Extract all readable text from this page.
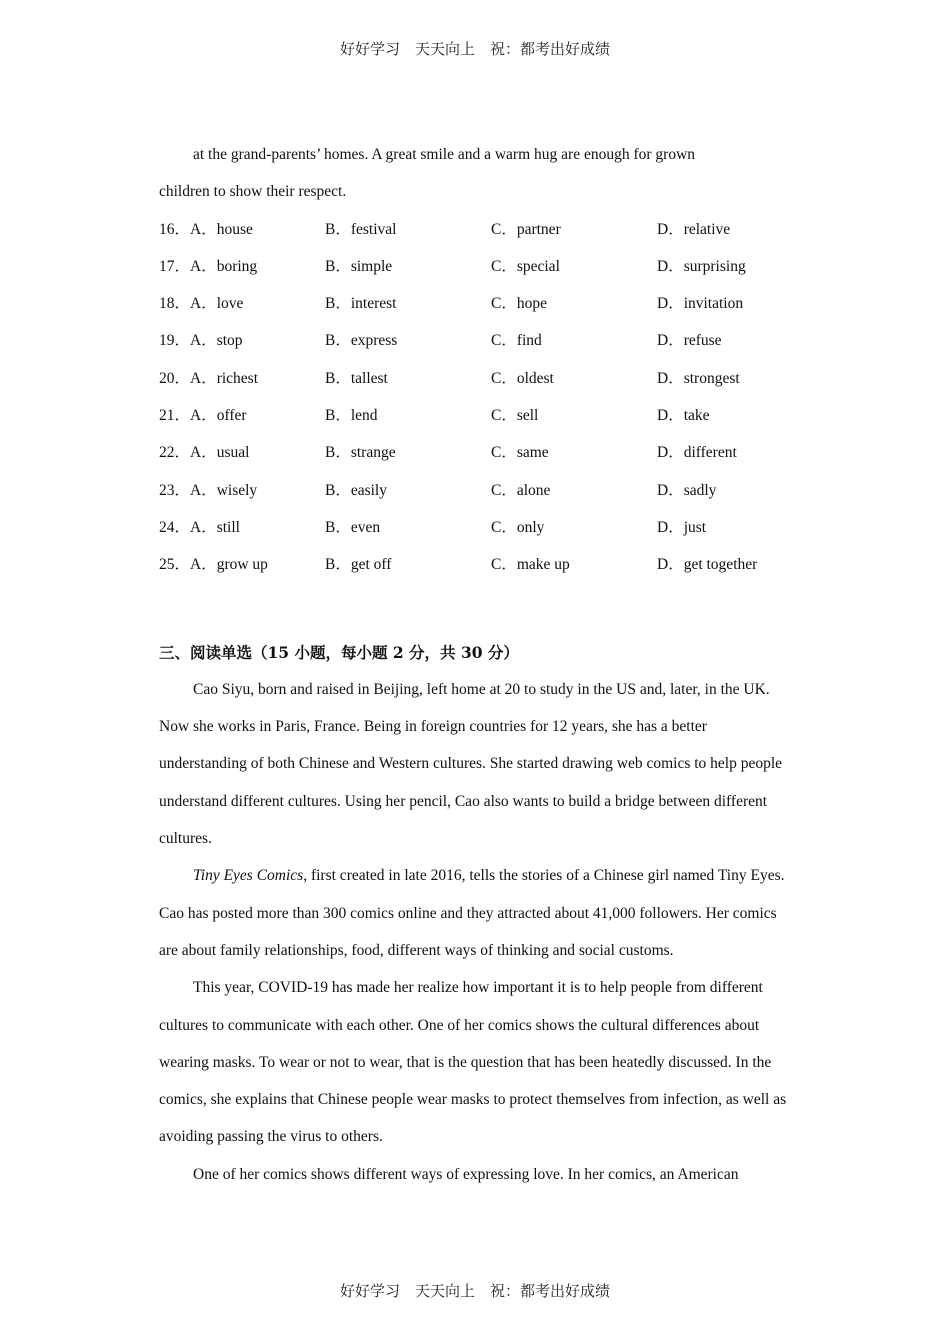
好好学习　天天向上　祝：都考出好成绩

at the grand-parents’ homes. A great smile and a warm hug are enough for grown

children to show their respect.

16．A．house	B．festival	C．partner	D．relative
17．A．boring	B．simple	C．special	D．surprising
18．A．love	B．interest	C．hope	D．invitation
19．A．stop	B．express	C．find	D．refuse
20．A．richest	B．tallest	C．oldest	D．strongest
21．A．offer	B．lend	C．sell	D．take
22．A．usual	B．strange	C．same	D．different
23．A．wisely	B．easily	C．alone	D．sadly
24．A．still	B．even	C．only	D．just
25．A．grow up	B．get off	C．make up	D．get together

三、阅读单选（15 小题，每小题 2 分，共 30 分）

Cao Siyu, born and raised in Beijing, left home at 20 to study in the US and, later, in the UK. Now she works in Paris, France. Being in foreign countries for 12 years, she has a better understanding of both Chinese and Western cultures. She started drawing web comics to help people understand different cultures. Using her pencil, Cao also wants to build a bridge between different cultures.

Tiny Eyes Comics, first created in late 2016, tells the stories of a Chinese girl named Tiny Eyes. Cao has posted more than 300 comics online and they attracted about 41,000 followers. Her comics are about family relationships, food, different ways of thinking and social customs.

This year, COVID-19 has made her realize how important it is to help people from different cultures to communicate with each other. One of her comics shows the cultural differences about wearing masks. To wear or not to wear, that is the question that has been heatedly discussed. In the comics, she explains that Chinese people wear masks to protect themselves from infection, as well as avoiding passing the virus to others.

One of her comics shows different ways of expressing love. In her comics, an American

好好学习　天天向上　祝：都考出好成绩
